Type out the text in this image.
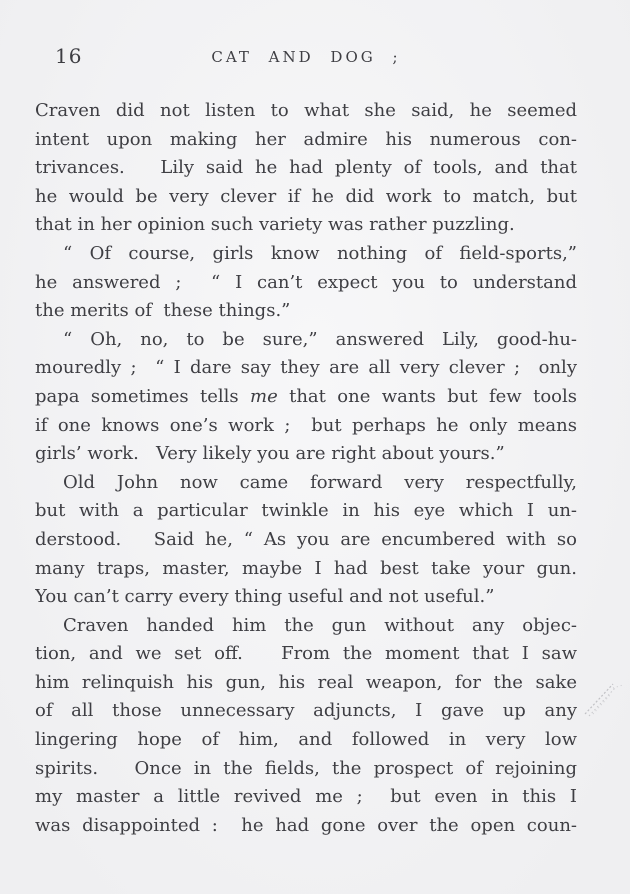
16	CAT AND DOG ;
Craven did not listen to what she said, he seemed
intent upon making her admire his numerous con-
trivances.   Lily said he had plenty of tools, and that
he would be very clever if he did work to match, but
that in her opinion such variety was rather puzzling.
“ Of course, girls know nothing of field-sports,”
he answered ;  “ I can’t expect you to understand
the merits of  these things.”
“ Oh, no, to be sure,” answered Lily, good-hu-
mouredly ;  “ I dare say they are all very clever ;  only
papa sometimes tells me that one wants but few tools
if one knows one’s work ;  but perhaps he only means
girls’ work.   Very likely you are right about yours.”
Old John now came forward very respectfully,
but with a particular twinkle in his eye which I un-
derstood.   Said he, “ As you are encumbered with so
many traps, master, maybe I had best take your gun.
You can’t carry every thing useful and not useful.”
Craven handed him the gun without any objec-
tion, and we set off.   From the moment that I saw
him relinquish his gun, his real weapon, for the sake
of all those unnecessary adjuncts, I gave up any
lingering hope of him, and followed in very low
spirits.   Once in the fields, the prospect of rejoining
my master a little revived me ;  but even in this I
was disappointed :  he had gone over the open coun-
